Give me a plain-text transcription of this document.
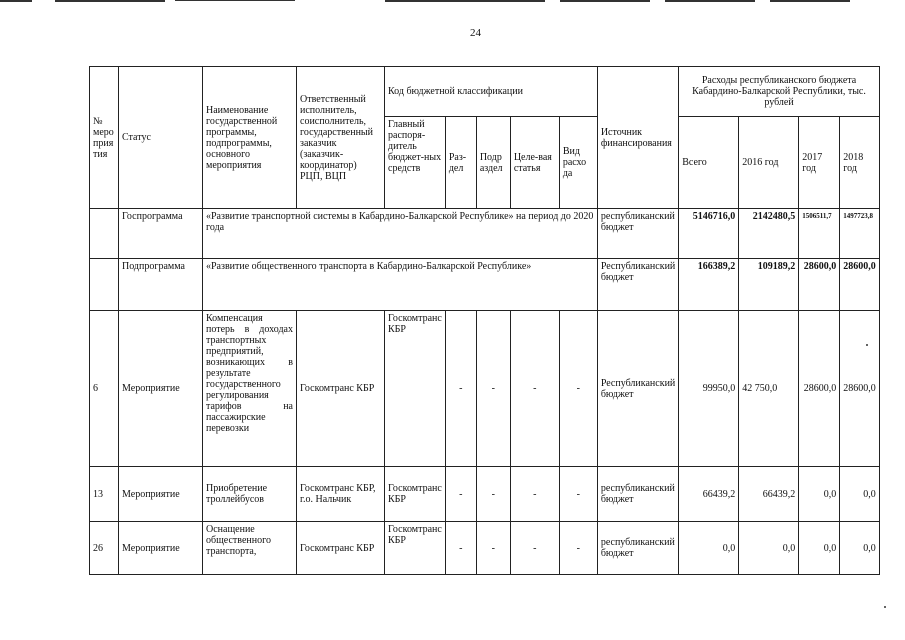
24
№ меро прия тия	Статус	Наименование государственной программы, подпрограммы, основного мероприятия	Ответственный исполнитель, соисполнитель, государственный заказчик (заказчик-координатор) РЦП, ВЦП	Код бюджетной классификации					Источник финансирования	Расходы республиканского бюджета Кабардино-Балкарской Республики, тыс. рублей			
				Главный распоря-дитель бюджет-ных средств	Раз-дел	Подр аздел	Целе-вая статья	Вид расхо да		Всего	2016 год	2017 год	2018 год
	Госпрограмма	«Развитие транспортной системы в Кабардино-Балкарской Республике» на период до 2020 года							республиканский бюджет	5146716,0	2142480,5	1506511,7	1497723,8
	Подпрограмма	«Развитие общественного транспорта в Кабардино-Балкарской Республике»							Республиканский бюджет	166389,2	109189,2	28600,0	28600,0
6	Мероприятие	Компенсация потерь в доходах транспортных предприятий, возникающих в результате государственного регулирования тарифов на пассажирские перевозки	Госкомтранс КБР	Госкомтранс КБР	-	-	-	-	Республиканский бюджет	99950,0	42 750,0	28600,0	28600,0
13	Мероприятие	Приобретение троллейбусов	Госкомтранс КБР, г.о. Нальчик	Госкомтранс КБР	-	-	-	-	республиканский бюджет	66439,2	66439,2	0,0	0,0
26	Мероприятие	Оснащение общественного транспорта,	Госкомтранс КБР	Госкомтранс КБР	-	-	-	-	республиканский бюджет	0,0	0,0	0,0	0,0
